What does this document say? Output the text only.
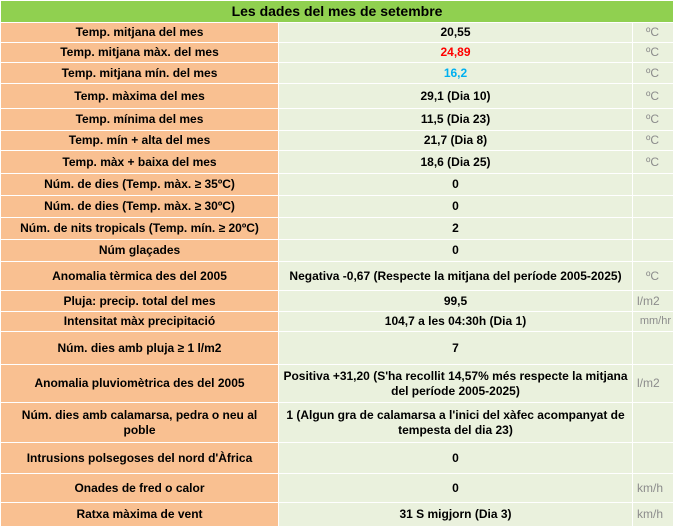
Les dades del mes de setembre		
Temp. mitjana del mes	20,55	ºC
Temp. mitjana màx. del mes	24,89	ºC
Temp. mitjana mín. del mes	16,2	ºC
Temp. màxima del mes	29,1 (Dia 10)	ºC
Temp. mínima del mes	11,5 (Dia 23)	ºC
Temp. mín + alta del mes	21,7 (Dia 8)	ºC
Temp. màx + baixa del mes	18,6 (Dia 25)	ºC
Núm. de dies (Temp. màx. ≥ 35ºC)	0	
Núm. de dies (Temp. màx. ≥ 30ºC)	0	
Núm. de nits tropicals (Temp. mín. ≥ 20ºC)	2	
Núm glaçades	0	
Anomalia tèrmica des del 2005	Negativa -0,67 (Respecte la mitjana del període 2005-2025)	ºC
Pluja: precip. total del mes	99,5	l/m2
Intensitat màx precipitació	104,7 a les 04:30h (Dia 1)	mm/hr
Núm. dies amb pluja ≥ 1 l/m2	7	
Anomalia pluviomètrica des del 2005	Positiva +31,20 (S'ha recollit 14,57% més respecte la mitjana del període 2005-2025)	l/m2
Núm. dies amb calamarsa, pedra o neu al poble	1 (Algun gra de calamarsa a l'inici del xàfec acompanyat de tempesta del dia 23)	
Intrusions polsegoses del nord d'Àfrica	0	
Onades de fred o calor	0	km/h
Ratxa màxima de vent	31 S migjorn (Dia 3)	km/h
